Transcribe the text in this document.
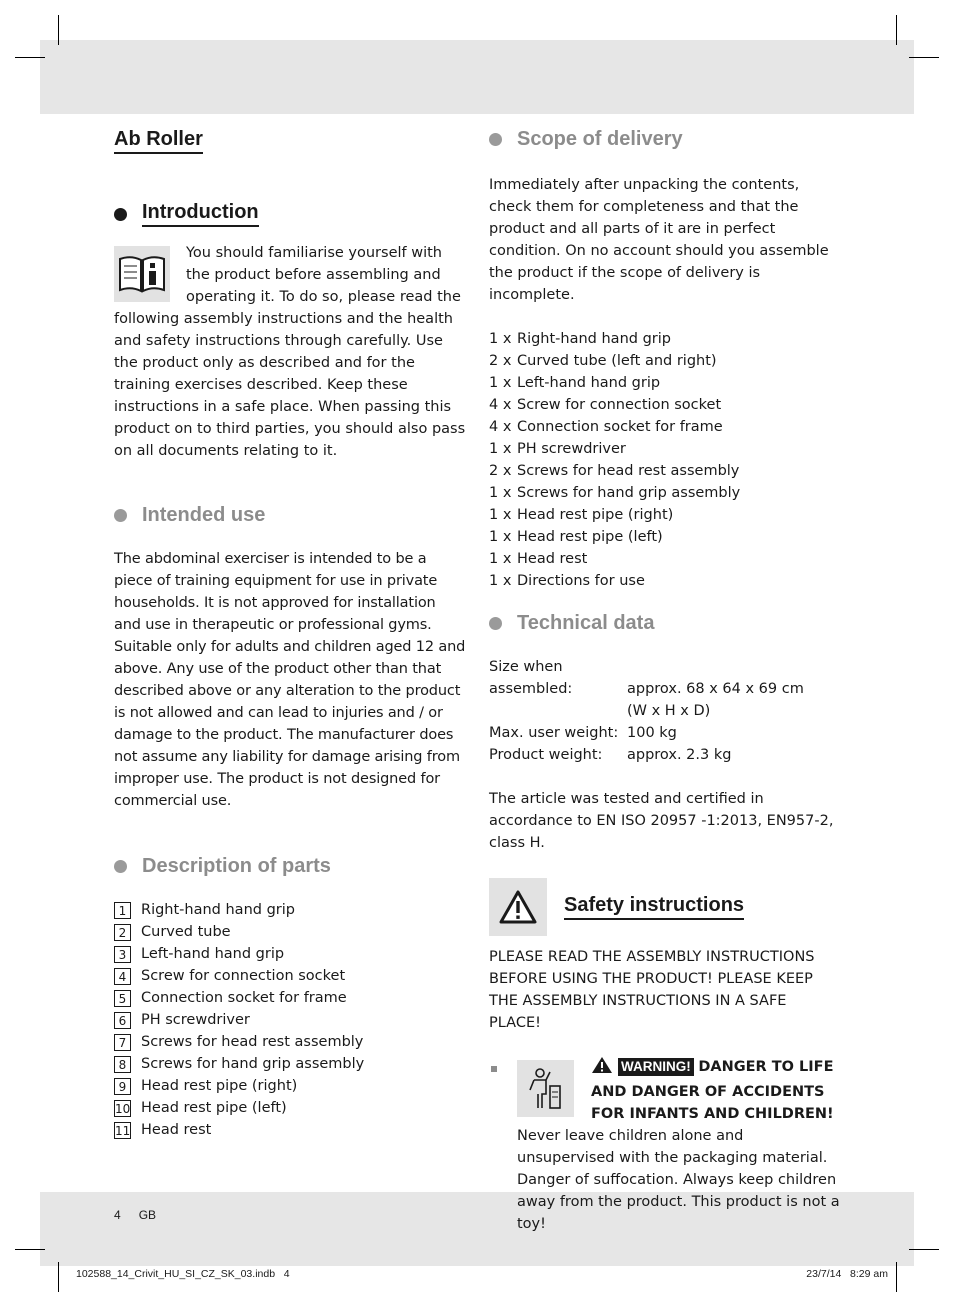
Ab Roller
Introduction

You should familiarise yourself with the product before assembling and operating it. To do so, please read the following assembly instructions and the health and safety instructions through carefully. Use the product only as described and for the training exercises described. Keep these instructions in a safe place. When passing this product on to third parties, you should also pass on all documents relating to it.

Intended use

The abdominal exerciser is intended to be a piece of training equipment for use in private households. It is not approved for installation and use in therapeutic or professional gyms. Suitable only for adults and children aged 12 and above. Any use of the product other than that described above or any alteration to the product is not allowed and can lead to injuries and / or damage to the product. The manufacturer does not assume any liability for damage arising from improper use. The product is not designed for commercial use.

Description of parts
1	Right-hand hand grip
2	Curved tube
3	Left-hand hand grip
4	Screw for connection socket
5	Connection socket for frame
6	PH screwdriver
7	Screws for head rest assembly
8	Screws for hand grip assembly
9	Head rest pipe (right)
10 Head rest pipe (left)
11 Head rest
Scope of delivery

Immediately after unpacking the contents, check them for completeness and that the product and all parts of it are in perfect condition. On no account should you assemble the product if the scope of delivery is incomplete.

1 x Right-hand hand grip
2 x Curved tube (left and right)
1 x Left-hand hand grip
4 x Screw for connection socket
4 x Connection socket for frame
1 x PH screwdriver
2 x Screws for head rest assembly
1 x Screws for hand grip assembly
1 x Head rest pipe (right)
1 x Head rest pipe (left)
1 x Head rest
1 x Directions for use
Technical data
Size when
assembled:	approx. 68 x 64 x 69 cm
(W x H x D)
Max. user weight: 100 kg
Product weight:	approx. 2.3 kg

The article was tested and certified in accordance to EN ISO 20957 -1:2013, EN957-2, class H.

Safety instructions

PLEASE READ THE ASSEMBLY INSTRUCTIONS BEFORE USING THE PRODUCT! PLEASE KEEP THE ASSEMBLY INSTRUCTIONS IN A SAFE PLACE!

WARNING! DANGER TO LIFE AND DANGER OF ACCIDENTS FOR INFANTS AND CHILDREN! Never leave children alone and unsupervised with the packaging material. Danger of suffocation. Always keep children away from the product. This product is not a toy!
4 GB
102588_14_Crivit_HU_SI_CZ_SK_03.indb   4	23/7/14   8:29 am
